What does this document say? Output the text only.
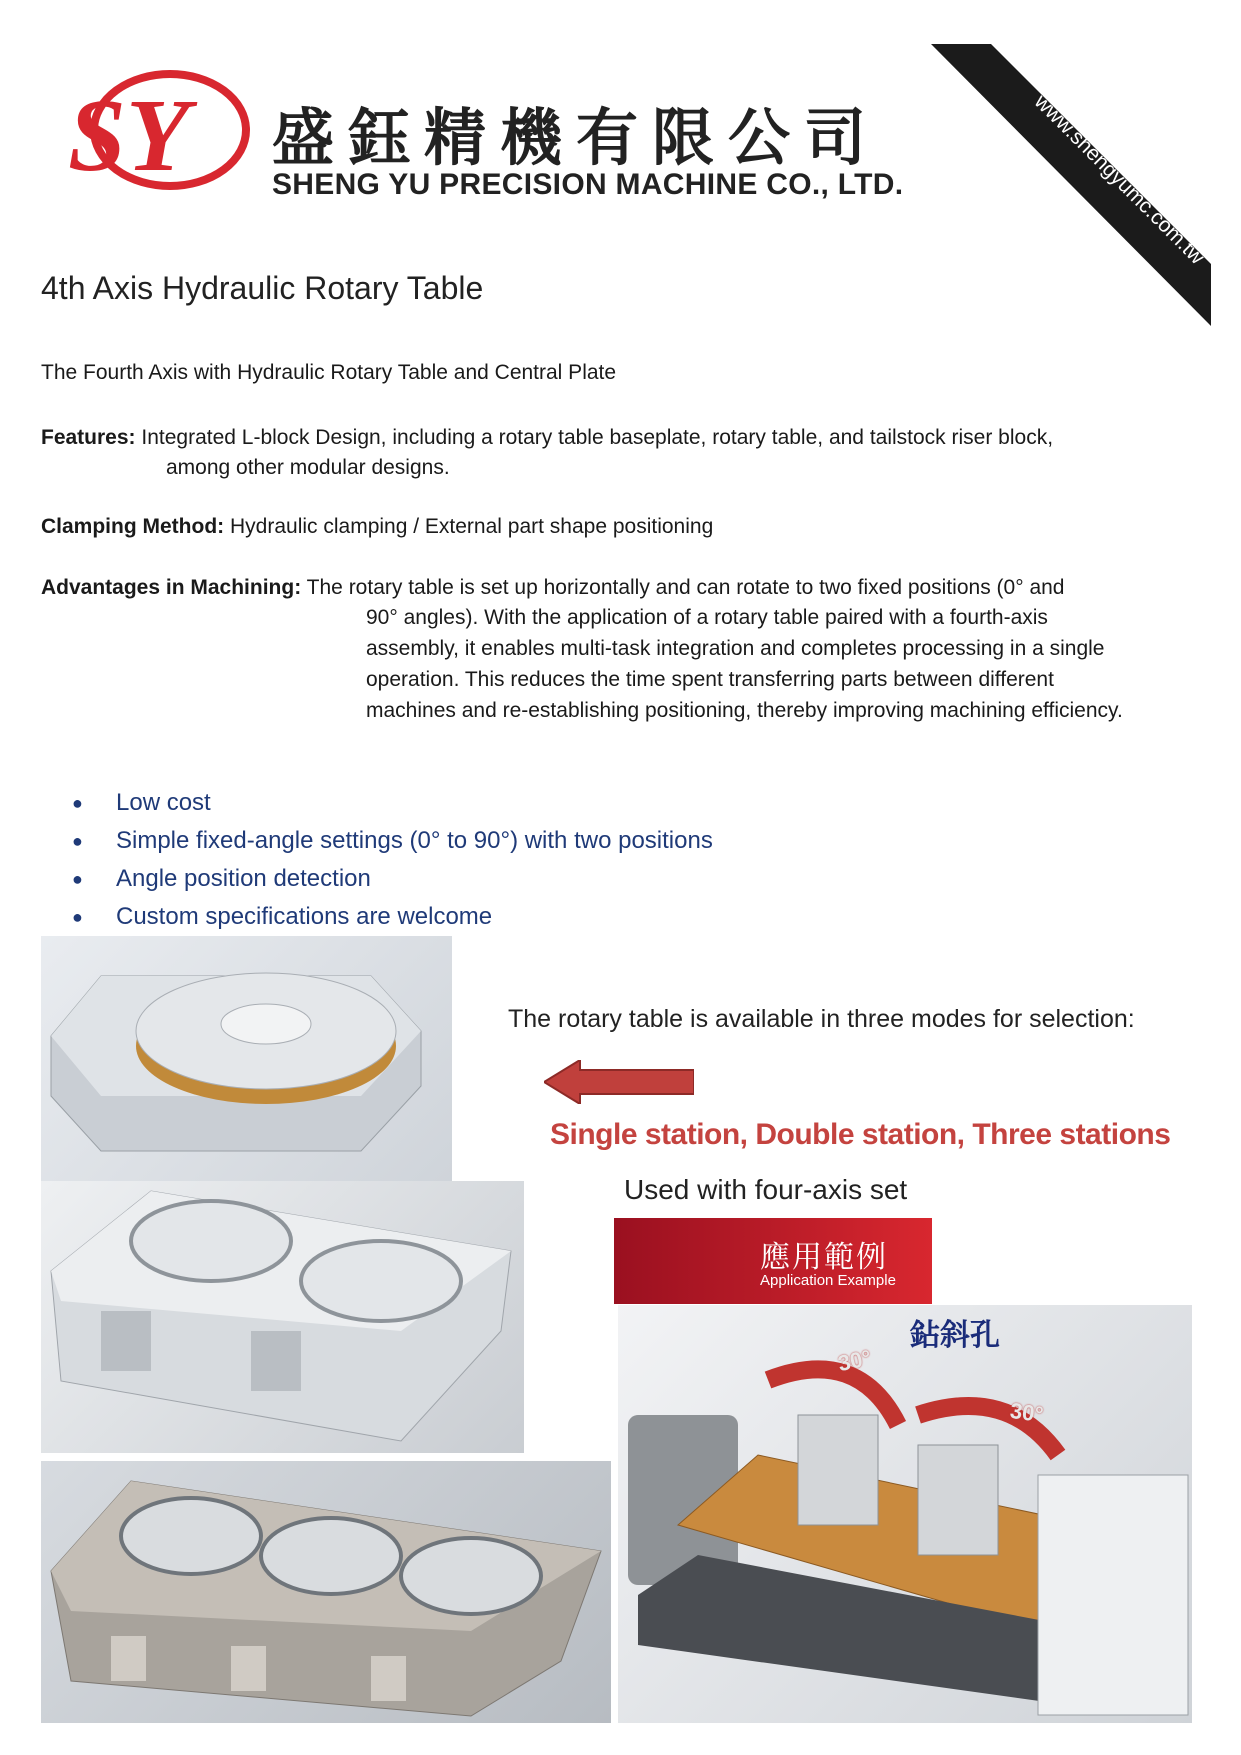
SY 盛鈺精機有限公司
SHENG YU PRECISION MACHINE CO., LTD.	www.shengyumc.com.tw
4th Axis Hydraulic Rotary Table
The Fourth Axis with Hydraulic Rotary Table and Central Plate
Features: Integrated L-block Design, including a rotary table baseplate, rotary table, and tailstock riser block,
among other modular designs.
Clamping Method: Hydraulic clamping / External part shape positioning
Advantages in Machining: The rotary table is set up horizontally and can rotate to two fixed positions (0° and
90° angles). With the application of a rotary table paired with a fourth-axis assembly, it enables multi-task integration and completes processing in a single operation. This reduces the time spent transferring parts between different machines and re-establishing positioning, thereby improving machining efficiency.
●	Low cost
●	Simple fixed-angle settings (0° to 90°) with two positions
●	Angle position detection
●	Custom specifications are welcome
The rotary table is available in three modes for selection:
Single station, Double station, Three stations
Used with four-axis set
應用範例
Application Example
鉆斜孔
30°
30°
